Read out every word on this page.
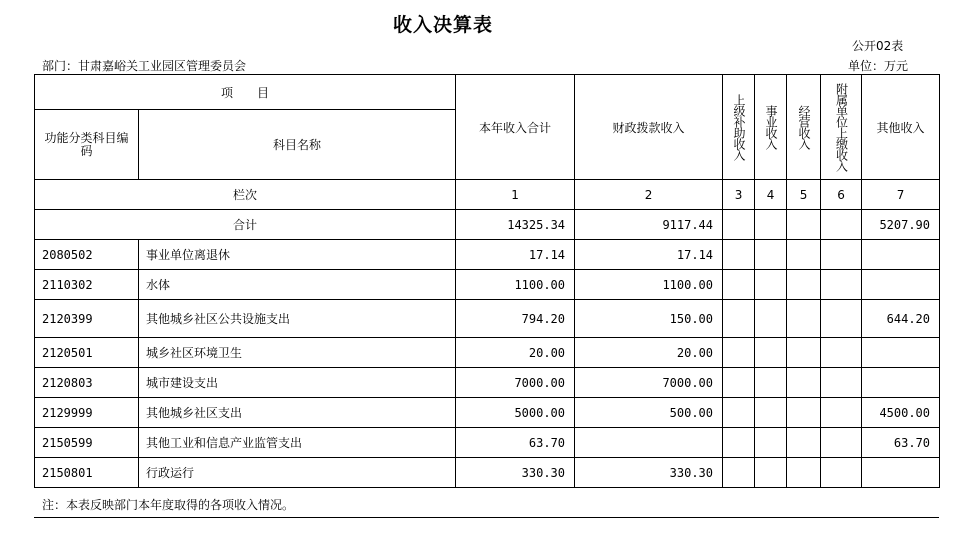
收入决算表
公开02表
部门：甘肃嘉峪关工业园区管理委员会	单位：万元
项　　目		本年收入合计	财政拨款收入	上级补助收入	事业收入	经营收入	附属单位上缴收入	其他收入
功能分类科目编码	科目名称							
栏次		1	2	3	4	5	6	7
合计		14325.34	9117.44					5207.90
2080502	事业单位离退休	17.14	17.14					
2110302	水体	1100.00	1100.00					
2120399	其他城乡社区公共设施支出	794.20	150.00					644.20
2120501	城乡社区环境卫生	20.00	20.00					
2120803	城市建设支出	7000.00	7000.00					
2129999	其他城乡社区支出	5000.00	500.00					4500.00
2150599	其他工业和信息产业监管支出	63.70						63.70
2150801	行政运行	330.30	330.30					
注：本表反映部门本年度取得的各项收入情况。
